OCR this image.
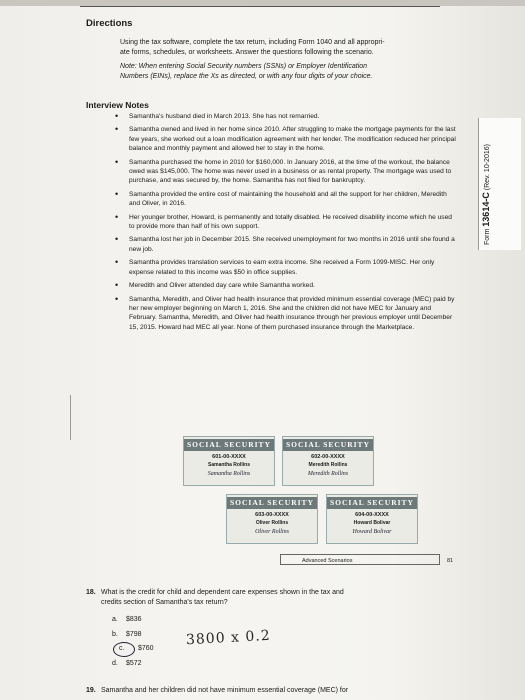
Directions
Using the tax software, complete the tax return, including Form 1040 and all appropri-
ate forms, schedules, or worksheets. Answer the questions following the scenario.
Note: When entering Social Security numbers (SSNs) or Employer Identification
Numbers (EINs), replace the Xs as directed, or with any four digits of your choice.
Interview Notes
• Samantha's husband died in March 2013. She has not remarried.
• Samantha owned and lived in her home since 2010. After struggling to make the mortgage payments for the last few years, she worked out a loan modification agreement with her lender. The modification reduced her principal balance and monthly payment and allowed her to stay in the home.
• Samantha purchased the home in 2010 for $160,000. In January 2016, at the time of the workout, the balance owed was $145,000. The home was never used in a business or as rental property. The mortgage was used to purchase, and was secured by, the home. Samantha has not filed for bankruptcy.
• Samantha provided the entire cost of maintaining the household and all the support for her children, Meredith and Oliver, in 2016.
• Her younger brother, Howard, is permanently and totally disabled. He received disability income which he used to provide more than half of his own support.
• Samantha lost her job in December 2015. She received unemployment for two months in 2016 until she found a new job.
• Samantha provides translation services to earn extra income. She received a Form 1099-MISC. Her only expense related to this income was $50 in office supplies.
• Meredith and Oliver attended day care while Samantha worked.
• Samantha, Meredith, and Oliver had health insurance that provided minimum essential coverage (MEC) paid by her new employer beginning on March 1, 2016. She and the children did not have MEC for January and February. Samantha, Meredith, and Oliver had health insurance through her previous employer until December 15, 2015. Howard had MEC all year. None of them purchased insurance through the Marketplace.
Form 13614-C (Rev. 10-2016)
SOCIAL SECURITY
601-00-XXXX
Samantha Rollins
Samantha Rollins
SOCIAL SECURITY
602-00-XXXX
Meredith Rollins
Meredith Rollins
SOCIAL SECURITY
603-00-XXXX
Oliver Rollins
Oliver Rollins
SOCIAL SECURITY
604-00-XXXX
Howard Bolivar
Howard Bolivar
Advanced Scenarios	81
18. What is the credit for child and dependent care expenses shown in the tax and
credits section of Samantha's tax return?
a. $836
b. $798
c. $760
d. $572
3800 x 0.2
19. Samantha and her children did not have minimum essential coverage (MEC) for
